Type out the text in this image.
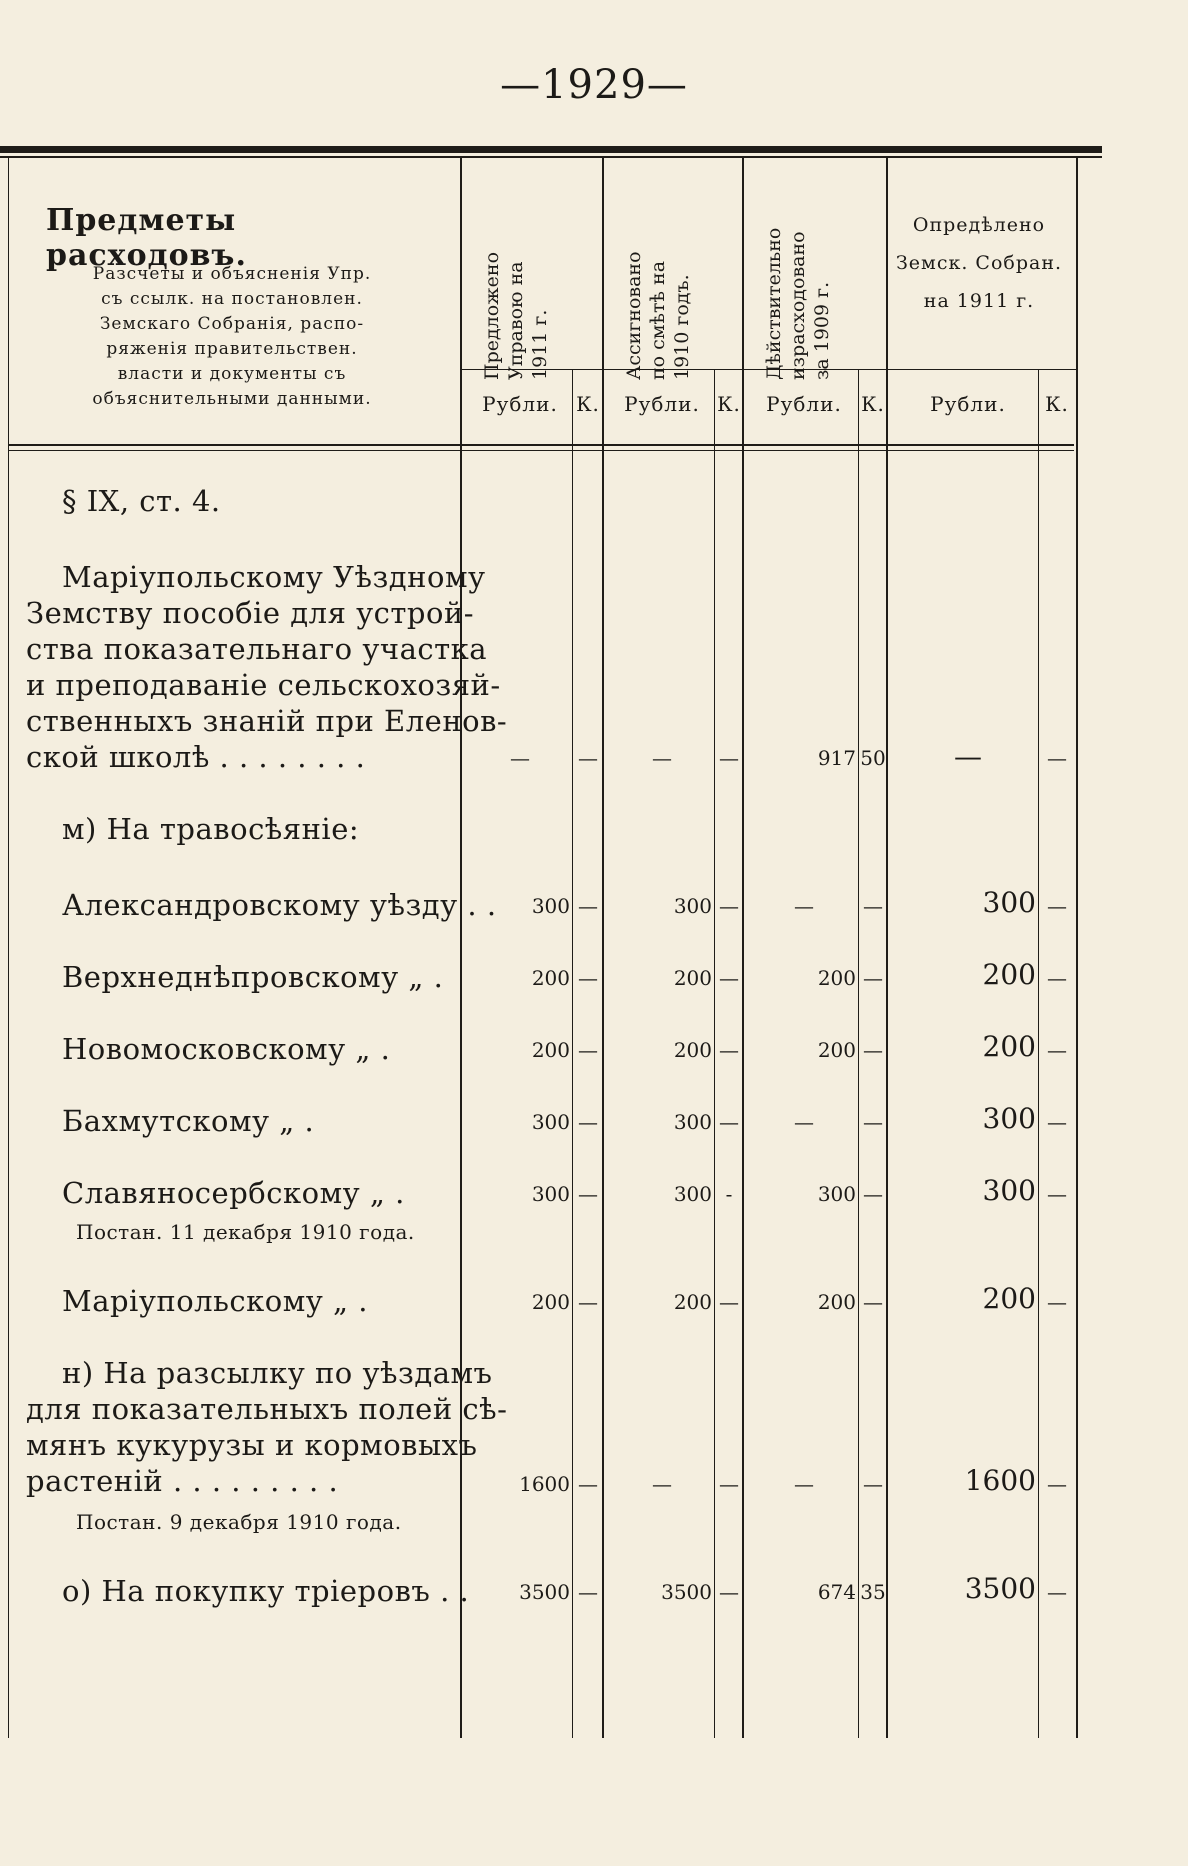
—1929—
Предметы расходовъ.
Разсчеты и объясненія Упр.
съ ссылк. на постановлен.
Земскаго Собранія, распо-
ряженія правительствен.
власти и документы съ
объяснительными данными.
Предложено Управою на 1911 г.	Ассигновано по смѣтѣ на 1910 годъ.	Дѣйствительно израсходовано за 1909 г.
Опредѣлено
Земск. Собран.
на 1911 г.
Рубли. К.	Рубли. К.	Рубли. К.	Рубли.	К.
§ IX, ст. 4.
Маріупольскому Уѣздному
Земству пособіе для устрой-
ства показательнаго участка
и преподаваніе сельскохозяй-
ственныхъ знаній при Еленов-
ской школѣ . . . . . . . .	—	—	—	—	917 50	—	—
м) На травосѣяніе:
Александровскому уѣзду . .	300 —	300 —	—	—	300 —
Верхнеднѣпровскому „ .	200 —	200 —	200 —	200 —
Новомосковскому „ .	200 —	200 —	200 —	200 —
Бахмутскому „ .	300 —	300 —	—	—	300 —
Славяносербскому „ .	300 —	300 -	300 —	300 —
Постан. 11 декабря 1910 года.
Маріупольскому „ .	200 —	200 —	200 —	200 —
н) На разсылку по уѣздамъ
для показательныхъ полей сѣ-
мянъ кукурузы и кормовыхъ
растеній . . . . . . . . .	1600 —	—	—	—	—	1600 —
Постан. 9 декабря 1910 года.
о) На покупку тріеровъ . .	3500 —	3500 —	674 35	3500 —
